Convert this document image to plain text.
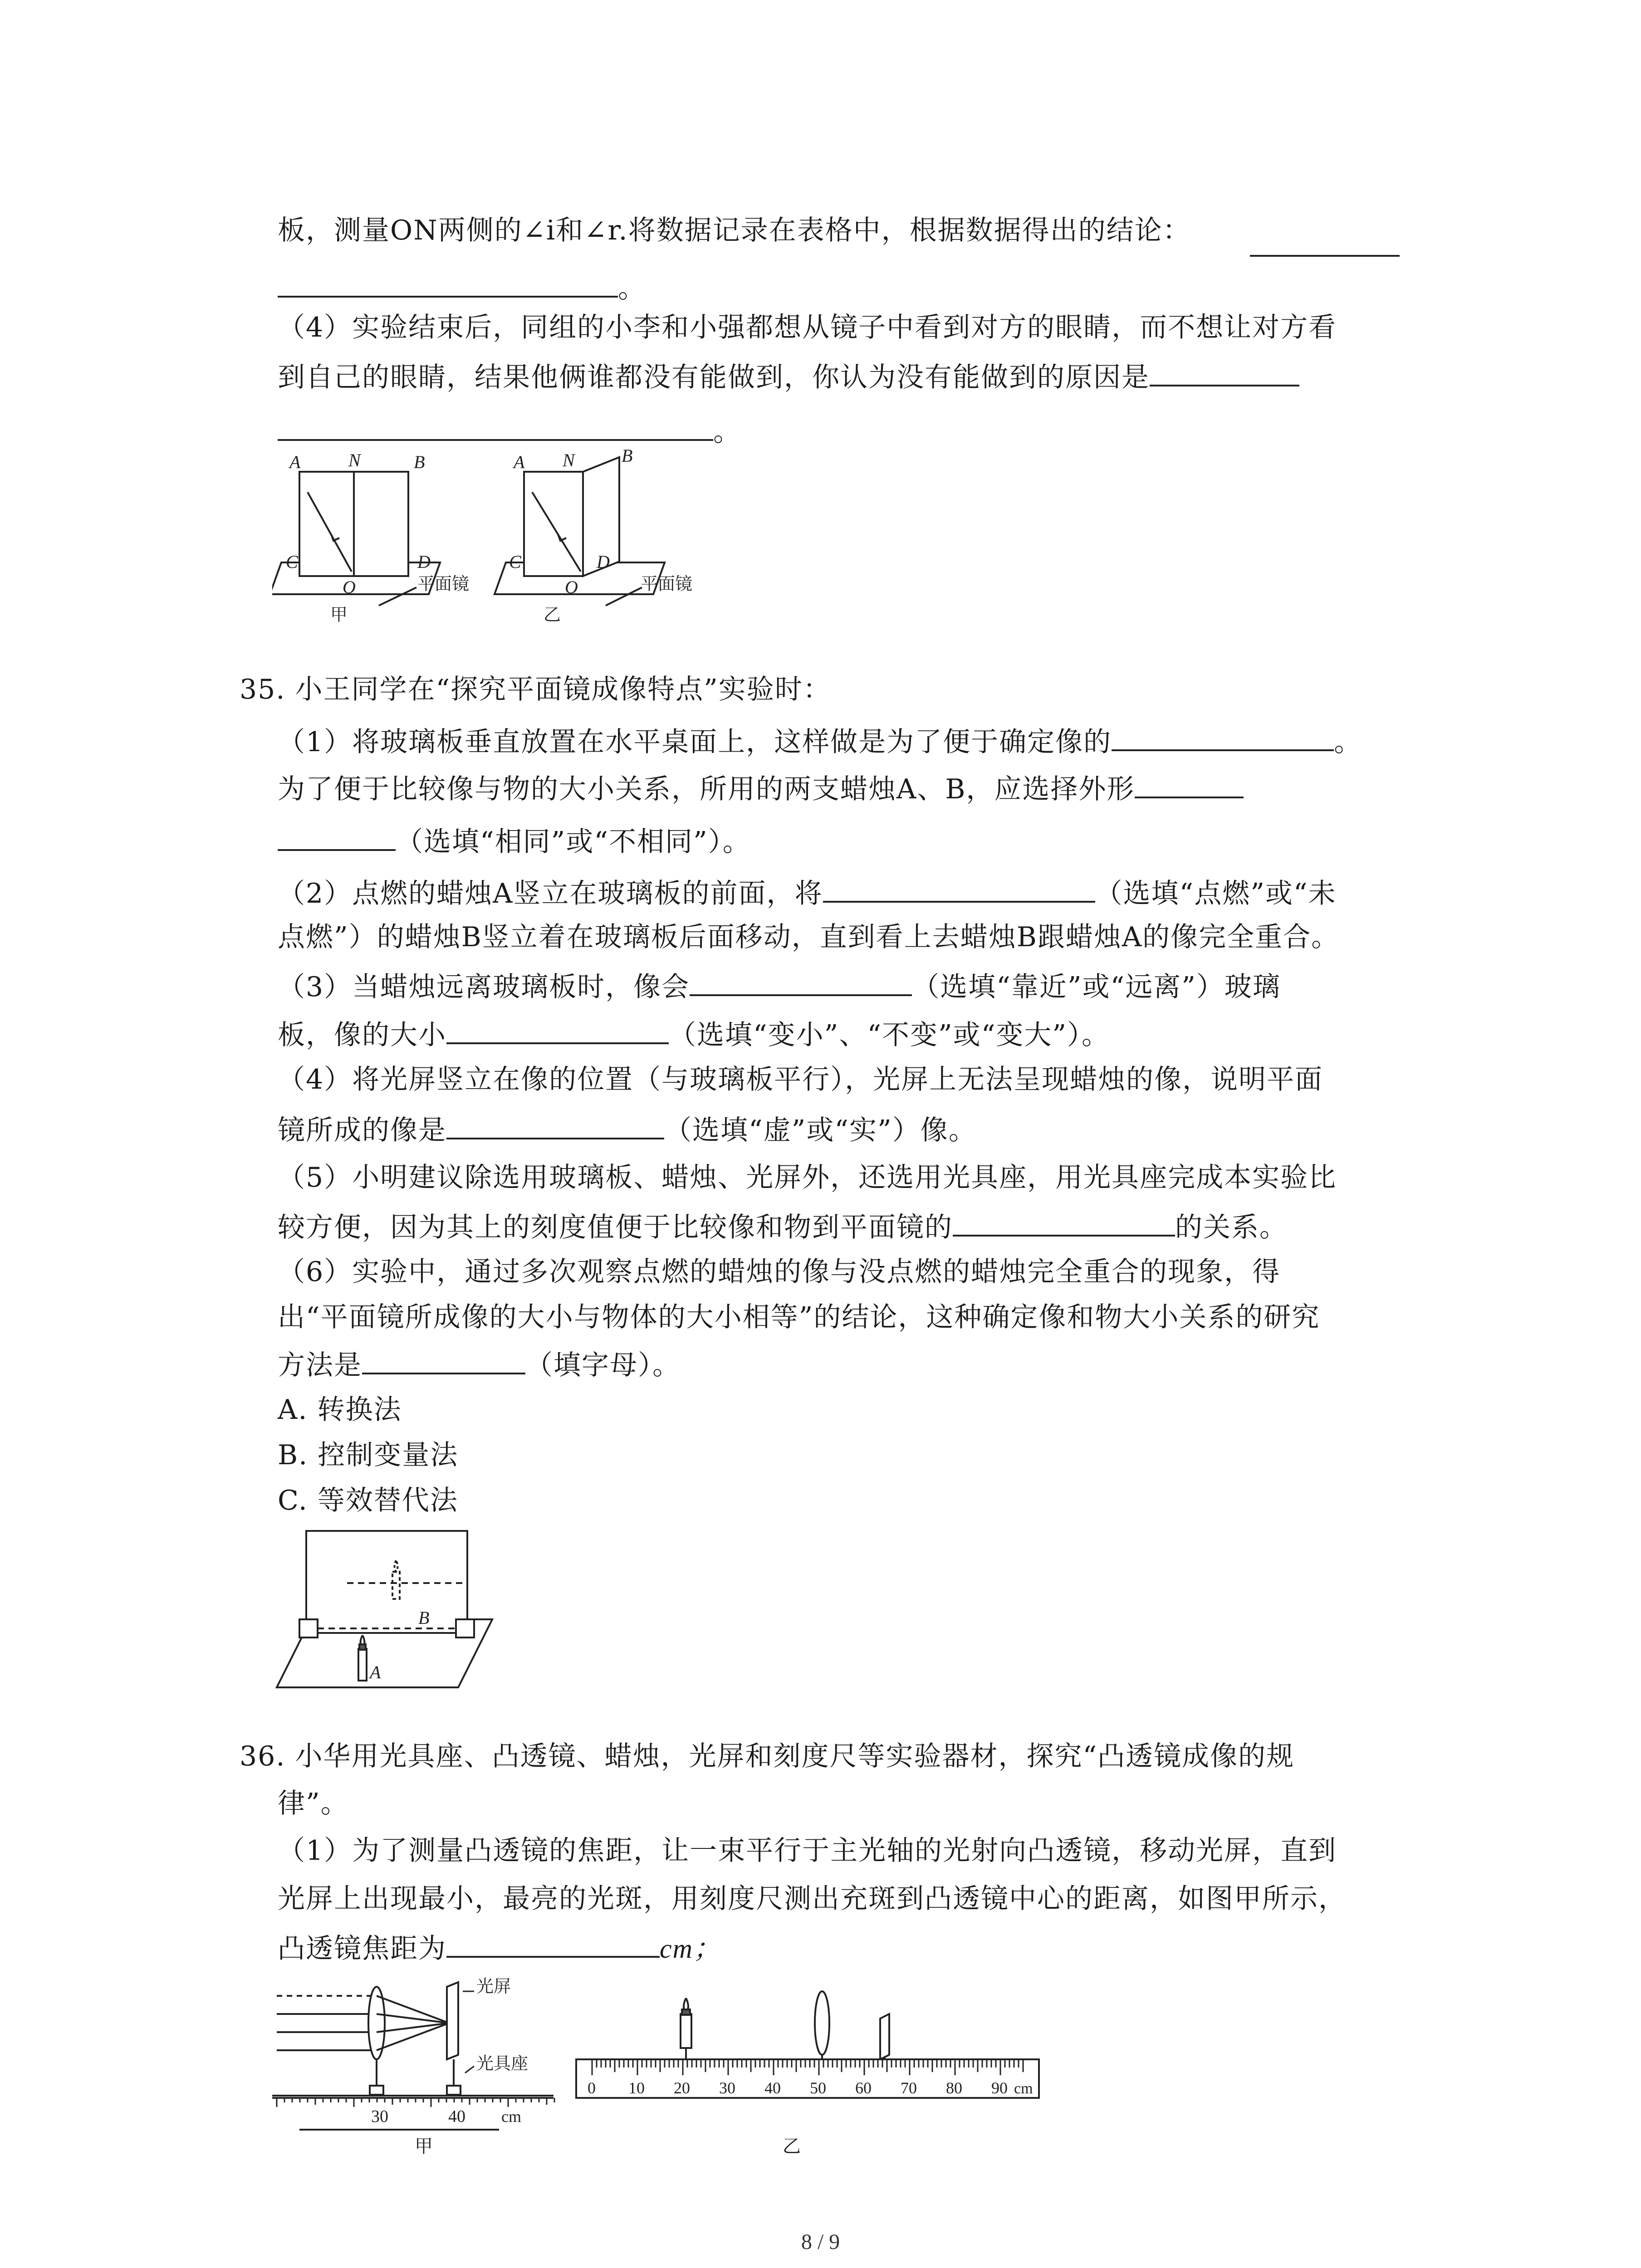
板，测量ON两侧的∠i和∠r.将数据记录在表格中，根据数据得出的结论：
。
（4）实验结束后，同组的小李和小强都想从镜子中看到对方的眼睛，而不想让对方看
到自己的眼睛，结果他俩谁都没有能做到，你认为没有能做到的原因是
。
A	N	B
C
O
D
A N	B
C
O
D
平面镜	平面镜
甲	乙
35. 小王同学在“探究平面镜成像特点”实验时：
（1）将玻璃板垂直放置在水平桌面上，这样做是为了便于确定像的	。
为了便于比较像与物的大小关系，所用的两支蜡烛A、B，应选择外形
（选填“相同”或“不相同”）。
（2）点燃的蜡烛A竖立在玻璃板的前面，将	（选填“点燃”或“未
点燃”）的蜡烛B竖立着在玻璃板后面移动，直到看上去蜡烛B跟蜡烛A的像完全重合。
（3）当蜡烛远离玻璃板时，像会	（选填“靠近”或“远离”）玻璃
板，像的大小	（选填“变小”、“不变”或“变大”）。
（4）将光屏竖立在像的位置（与玻璃板平行），光屏上无法呈现蜡烛的像，说明平面
镜所成的像是	（选填“虚”或“实”）像。
（5）小明建议除选用玻璃板、蜡烛、光屏外，还选用光具座，用光具座完成本实验比
较方便，因为其上的刻度值便于比较像和物到平面镜的	的关系。
（6）实验中，通过多次观察点燃的蜡烛的像与没点燃的蜡烛完全重合的现象，得
出“平面镜所成像的大小与物体的大小相等”的结论，这种确定像和物大小关系的研究
方法是	（填字母）。
A. 转换法
B. 控制变量法
C. 等效替代法
B
A
36. 小华用光具座、凸透镜、蜡烛，光屏和刻度尺等实验器材，探究“凸透镜成像的规
律”。
（1）为了测量凸透镜的焦距，让一束平行于主光轴的光射向凸透镜，移动光屏，直到
光屏上出现最小，最亮的光斑，用刻度尺测出充斑到凸透镜中心的距离，如图甲所示，
凸透镜焦距为	cm；
光屏
光具座
30	40 cm
甲
0 10 20 30 40 50 60 70 80 90 cm
乙
8 / 9
